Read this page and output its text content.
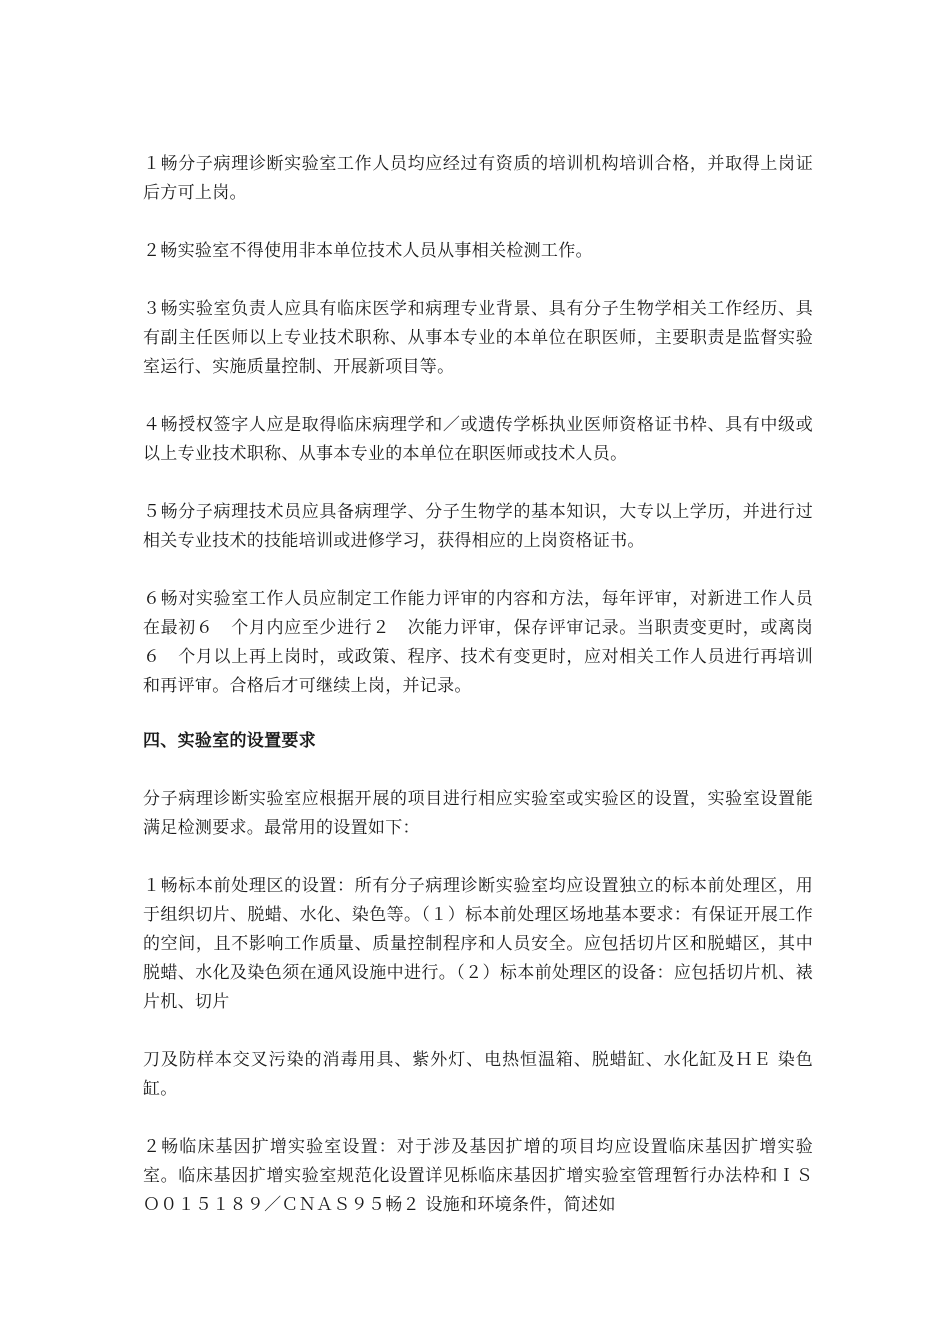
１畅分子病理诊断实验室工作人员均应经过有资质的培训机构培训合格，并取得上岗证后方可上岗。

２畅实验室不得使用非本单位技术人员从事相关检测工作。

３畅实验室负责人应具有临床医学和病理专业背景、具有分子生物学相关工作经历、具有副主任医师以上专业技术职称、从事本专业的本单位在职医师，主要职责是监督实验室运行、实施质量控制、开展新项目等。

４畅授权签字人应是取得临床病理学和／或遗传学栎执业医师资格证书枠、具有中级或以上专业技术职称、从事本专业的本单位在职医师或技术人员。

５畅分子病理技术员应具备病理学、分子生物学的基本知识，大专以上学历，并进行过相关专业技术的技能培训或进修学习，获得相应的上岗资格证书。

６畅对实验室工作人员应制定工作能力评审的内容和方法，每年评审，对新进工作人员在最初６　个月内应至少进行２　次能力评审，保存评审记录。当职责变更时，或离岗６　个月以上再上岗时，或政策、程序、技术有变更时，应对相关工作人员进行再培训和再评审。合格后才可继续上岗，并记录。

四、实验室的设置要求

分子病理诊断实验室应根据开展的项目进行相应实验室或实验区的设置，实验室设置能满足检测要求。最常用的设置如下：

１畅标本前处理区的设置：所有分子病理诊断实验室均应设置独立的标本前处理区，用于组织切片、脱蜡、水化、染色等。（１）标本前处理区场地基本要求：有保证开展工作的空间，且不影响工作质量、质量控制程序和人员安全。应包括切片区和脱蜡区，其中脱蜡、水化及染色须在通风设施中进行。（２）标本前处理区的设备：应包括切片机、裱片机、切片

刀及防样本交叉污染的消毒用具、紫外灯、电热恒温箱、脱蜡缸、水化缸及ＨＥ 染色缸。

２畅临床基因扩增实验室设置：对于涉及基因扩增的项目均应设置临床基因扩增实验室。临床基因扩增实验室规范化设置详见栎临床基因扩增实验室管理暂行办法枠和ＩＳＯ０１５１８９／ＣＮＡＳ９５畅２ 设施和环境条件，简述如
